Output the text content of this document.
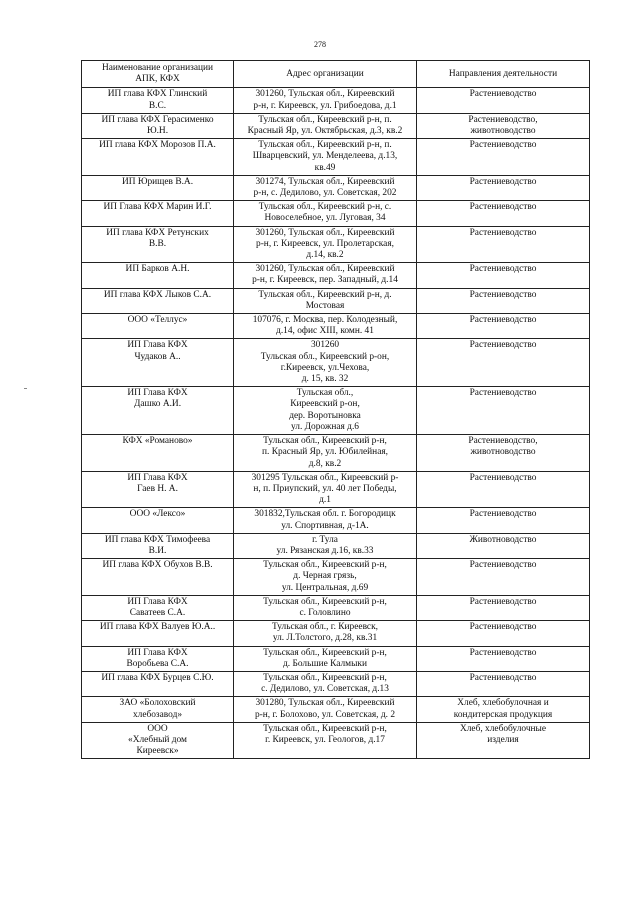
278
Наименование организации
АПК, КФХ	Адрес организации	Направления деятельности

ИП глава КФХ Глинский
В.С.	301260, Тульская обл., Киреевский
р-н, г. Киреевск, ул. Грибоедова, д.1	Растениеводство

ИП глава КФХ Герасименко
Ю.Н.	Тульская обл., Киреевский р-н, п.
Красный Яр, ул. Октябрьская, д.3, кв.2	Растениеводство,
животноводство

ИП глава КФХ Морозов П.А.	Тульская обл., Киреевский р-н, п.
Шварцевский, ул. Менделеева, д.13,
кв.49	Растениеводство

ИП Юрищев В.А.	301274, Тульская обл., Киреевский
р-н, с. Дедилово, ул. Советская, 202	Растениеводство

ИП Глава КФХ Марин И.Г.	Тульская обл., Киреевский р-н, с.
Новоселебное, ул. Луговая, 34	Растениеводство

ИП глава КФХ Ретунских
В.В.	301260, Тульская обл., Киреевский
р-н, г. Киреевск, ул. Пролетарская,
д.14, кв.2	Растениеводство

ИП Барков А.Н.	301260, Тульская обл., Киреевский
р-н, г. Киреевск, пер. Западный, д.14	Растениеводство

ИП глава КФХ Лыков С.А.	Тульская обл., Киреевский р-н, д.
Мостовая	Растениеводство

ООО «Теллус»	107076, г. Москва, пер. Колодезный,
д.14, офис XIII, комн. 41	Растениеводство

ИП Глава КФХ
Чудаков А..	301260
Тульская обл., Киреевский р-он,
г.Киреевск, ул.Чехова,
д. 15, кв. 32	Растениеводство

ИП Глава КФХ
Дашко А.И.	Тульская обл.,
Киреевский р-он,
дер. Воротыновка
ул. Дорожная д.6	Растениеводство

КФХ «Романово»	Тульская обл., Киреевский р-н,
п. Красный Яр, ул. Юбилейная,
д.8, кв.2	Растениеводство,
животноводство

ИП Глава КФХ
Гаев Н. А.	301295 Тульская обл., Киреевский р-
н, п. Приупский, ул. 40 лет Победы,
д.1	Растениеводство

ООО «Лексо»	301832,Тульская обл. г. Богородицк
ул. Спортивная, д-1А.	Растениеводство

ИП глава КФХ Тимофеева
В.И.	г. Тула
ул. Рязанская д.16, кв.33	Животноводство

ИП глава КФХ Обухов В.В.	Тульская обл., Киреевский р-н,
д. Черная грязь,
ул. Центральная, д.69	Растениеводство

ИП Глава КФХ
Саватеев С.А.	Тульская обл., Киреевский р-н,
с. Головлино	Растениеводство

ИП глава КФХ Валуев Ю.А..	Тульская обл., г. Киреевск,
ул. Л.Толстого, д.28, кв.31	Растениеводство

ИП Глава КФХ
Воробьева С.А.	Тульская обл., Киреевский р-н,
д. Большие Калмыки	Растениеводство

ИП глава КФХ Бурцев С.Ю.	Тульская обл., Киреевский р-н,
с. Дедилово, ул. Советская, д.13	Растениеводство

ЗАО «Болоховский
хлебозавод»	301280, Тульская обл., Киреевский
р-н, г. Болохово, ул. Советская, д. 2	Хлеб, хлебобулочная и
кондитерская продукция

ООО
«Хлебный дом
Киреевск»	Тульская обл., Киреевский р-н,
г. Киреевск, ул. Геологов, д.17	Хлеб, хлебобулочные
изделия
